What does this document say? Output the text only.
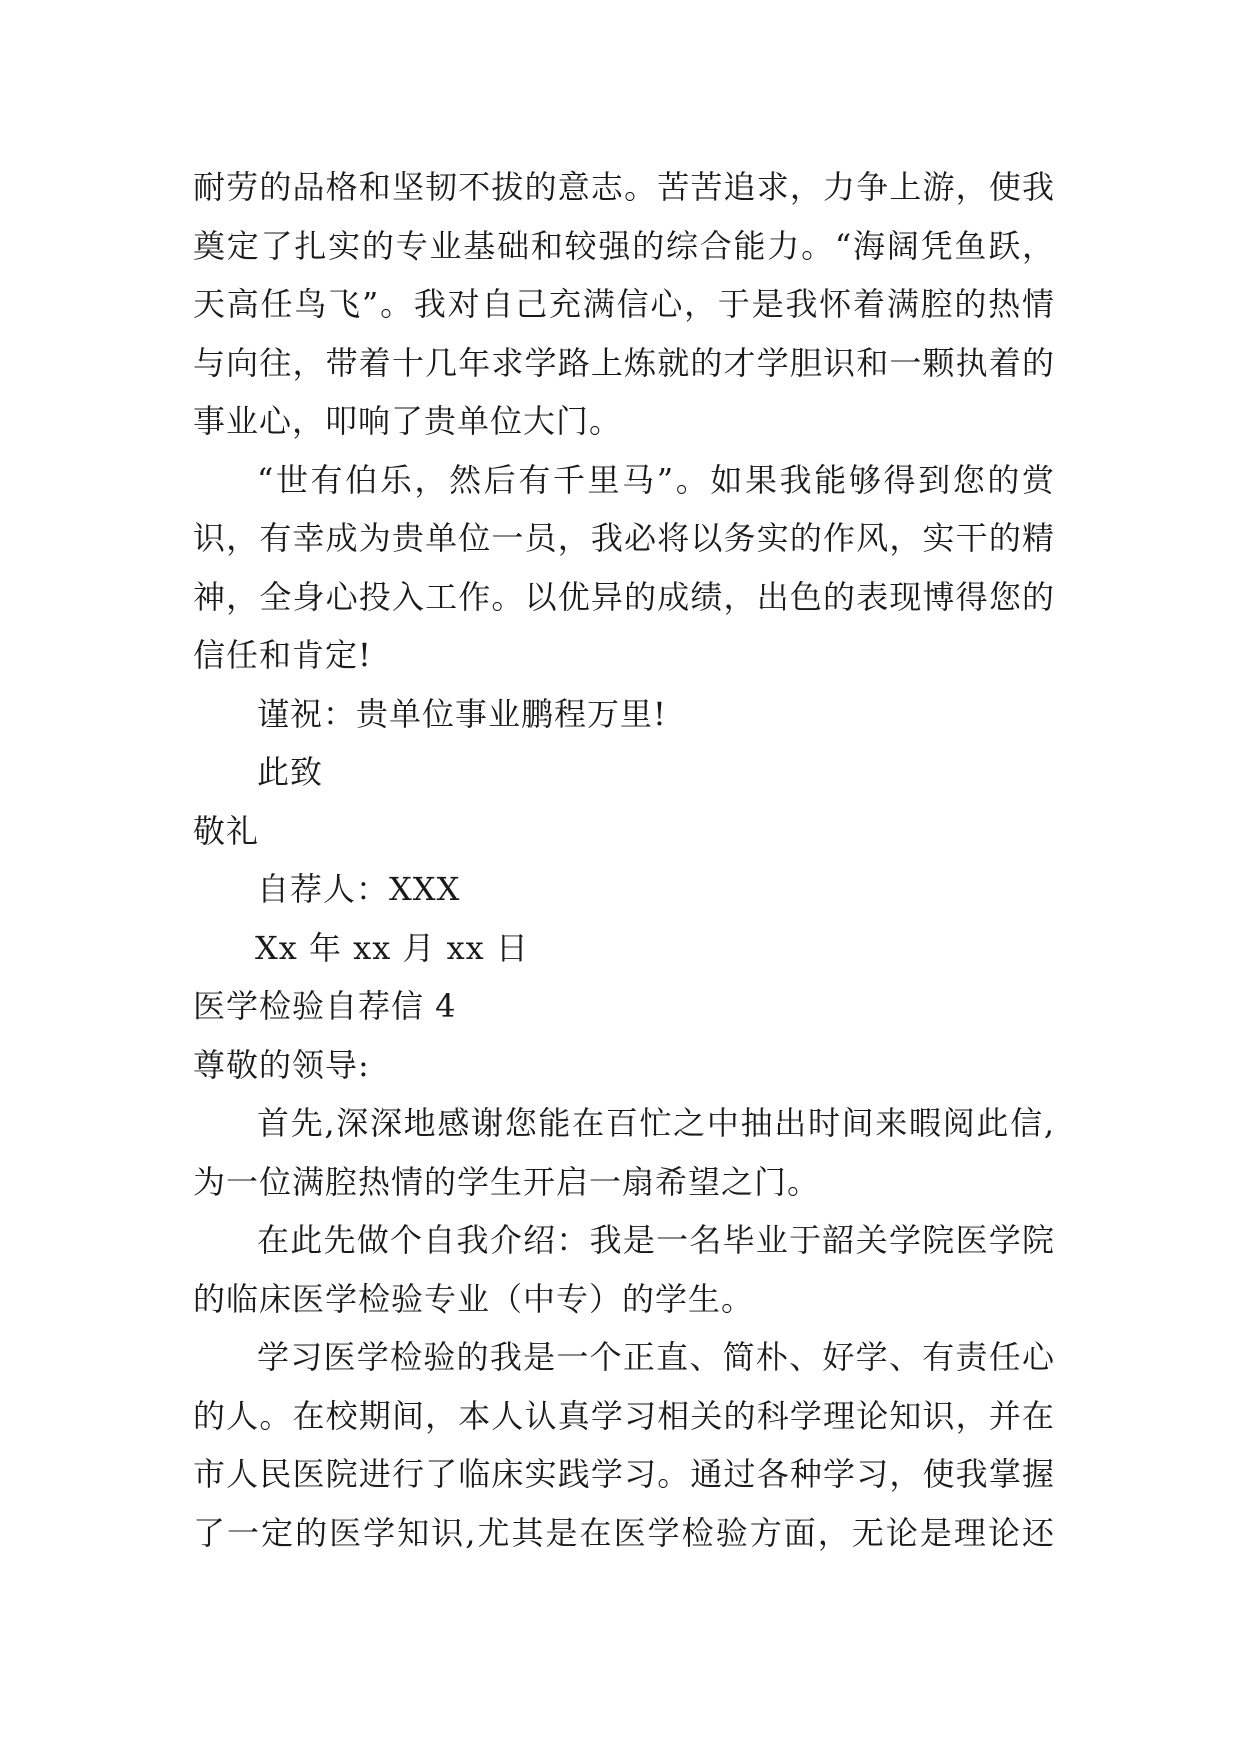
耐劳的品格和坚韧不拔的意志。苦苦追求，力争上游，使我
奠定了扎实的专业基础和较强的综合能力。“海阔凭鱼跃，
天高任鸟飞”。我对自己充满信心，于是我怀着满腔的热情
与向往，带着十几年求学路上炼就的才学胆识和一颗执着的
事业心，叩响了贵单位大门。
“世有伯乐，然后有千里马”。如果我能够得到您的赏
识，有幸成为贵单位一员，我必将以务实的作风，实干的精
神，全身心投入工作。以优异的成绩，出色的表现博得您的
信任和肯定!
谨祝：贵单位事业鹏程万里!
此致
敬礼
自荐人：XXX
Xx 年 xx 月 xx 日
医学检验自荐信 4
尊敬的领导:
首先,深深地感谢您能在百忙之中抽出时间来暇阅此信,
为一位满腔热情的学生开启一扇希望之门。
在此先做个自我介绍：我是一名毕业于韶关学院医学院
的临床医学检验专业（中专）的学生。
学习医学检验的我是一个正直、简朴、好学、有责任心
的人。在校期间，本人认真学习相关的科学理论知识，并在
市人民医院进行了临床实践学习。通过各种学习，使我掌握
了一定的医学知识,尤其是在医学检验方面，无论是理论还
